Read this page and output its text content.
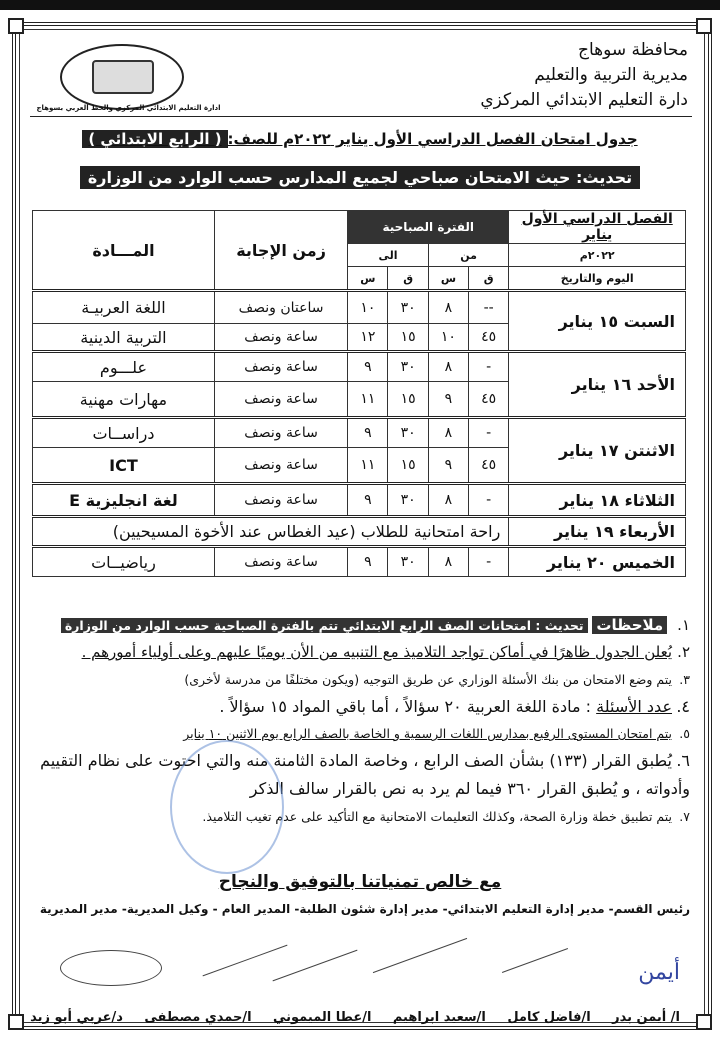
ادارة التعليم الابتدائي المركزي والخط العربي بسوهاج
محافظة سوهاج
مديرية التربية والتعليم
دارة التعليم الابتدائي المركزي
جدول امتحان الفصل الدراسي الأول يناير ٢٠٢٢م للصف:( الرابع الابتدائي )
تحديث: حيث الامتحان صباحي لجميع المدارس حسب الوارد من الوزارة
الفصل الدراسي الأول يناير	الفترة الصباحية				زمن الإجابة	المـــادة
٢٠٢٢م	من		الى			
اليوم والتاريخ	ق	س	ق	س		
السبت ١٥ يناير	--	٨	٣٠	١٠	ساعتان ونصف	اللغة العربيـة
	٤٥	١٠	١٥	١٢	ساعة ونصف	التربية الدينية
الأحد ١٦ يناير	-	٨	٣٠	٩	ساعة ونصف	علـــوم
	٤٥	٩	١٥	١١	ساعة ونصف	مهارات مهنية
الاثنتن ١٧ يناير	-	٨	٣٠	٩	ساعة ونصف	دراســات
	٤٥	٩	١٥	١١	ساعة ونصف	ICT
الثلاثاء ١٨ يناير	-	٨	٣٠	٩	ساعة ونصف	لغة انجليزية E
الأربعاء ١٩ يناير	راحة امتحانية للطلاب (عيد الغطاس عند الأخوة المسيحيين)					
الخميس ٢٠ يناير	-	٨	٣٠	٩	ساعة ونصف	رياضيــات
١. ملاحظات تحديث : امتحانات الصف الرابع الابتدائي تتم بالفترة الصباحية حسب الوارد من الوزارة
٢.يُعلن الجدول ظاهرًا في أماكن تواجد التلاميذ مع التنبيه من الأن يوميًا عليهم وعلى أولياء أمورهم .
٣.يتم وضع الامتحان من بنك الأسئلة الوزاري عن طريق التوجيه (ويكون مختلفًا من مدرسة لأخرى)
٤.عدد الأسئلة : مادة اللغة العربية ٢٠ سؤالاً ، أما باقي المواد ١٥ سؤالاً .
٥.يتم امتحان المستوى الرفيع بمدارس اللغات الرسمية و الخاصة بالصف الرابع يوم الاثنين ١٠ يناير
٦.يُطبق القرار (١٣٣) بشأن الصف الرابع ، وخاصة المادة الثامنة منه والتي احتوت على نظام التقييم وأدواته ، و يُطبق القرار ٣٦٠ فيما لم يرد به نص بالقرار سالف الذكر
٧.يتم تطبيق خطة وزارة الصحة، وكذلك التعليمات الامتحانية مع التأكيد على عدم تغيب التلاميذ.
مع خالص تمنياتنا بالتوفيق والنجاح
رئيس القسم- مدير إدارة التعليم الابتدائي- مدير إدارة شئون الطلبة- المدير العام - وكيل المديرية- مدير المديرية
أيمن
ا/ أيمن بدر
ا/فاضل كامل
ا/سعيد ابراهيم
ا/عطا الميموني
ا/حمدي مصطفى
د/عربي أبو زيد
